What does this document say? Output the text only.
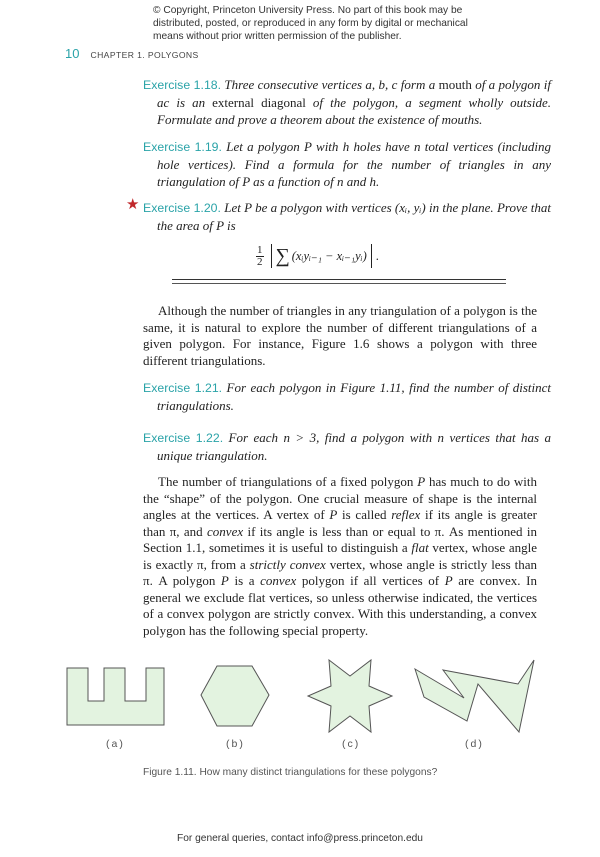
© Copyright, Princeton University Press. No part of this book may be
distributed, posted, or reproduced in any form by digital or mechanical
means without prior written permission of the publisher.
10 CHAPTER 1. POLYGONS
Exercise 1.18. Three consecutive vertices a, b, c form a mouth of a polygon if ac is an external diagonal of the polygon, a segment wholly outside. Formulate and prove a theorem about the existence of mouths.
Exercise 1.19. Let a polygon P with h holes have n total vertices (including hole vertices). Find a formula for the number of triangles in any triangulation of P as a function of n and h.
★ Exercise 1.20. Let P be a polygon with vertices (xᵢ, yᵢ) in the plane. Prove that the area of P is
$\frac{1}{2}$ ∑ (xᵢyᵢ₋₁ − xᵢ₋₁yᵢ) .
Although the number of triangles in any triangulation of a polygon is the same, it is natural to explore the number of different triangulations of a given polygon. For instance, Figure 1.6 shows a polygon with three different triangulations.
Exercise 1.21. For each polygon in Figure 1.11, find the number of distinct triangulations.
Exercise 1.22. For each n > 3, find a polygon with n vertices that has a unique triangulation.
The number of triangulations of a fixed polygon P has much to do with the “shape” of the polygon. One crucial measure of shape is the internal angles at the vertices. A vertex of P is called reflex if its angle is greater than π, and convex if its angle is less than or equal to π. As mentioned in Section 1.1, sometimes it is useful to distinguish a flat vertex, whose angle is exactly π, from a strictly convex vertex, whose angle is strictly less than π. A polygon P is a convex polygon if all vertices of P are convex. In general we exclude flat vertices, so unless otherwise indicated, the vertices of a convex polygon are strictly convex. With this understanding, a convex polygon has the following special property.
(a)	(b)	(c)	(d)
Figure 1.11. How many distinct triangulations for these polygons?
For general queries, contact info@press.princeton.edu
